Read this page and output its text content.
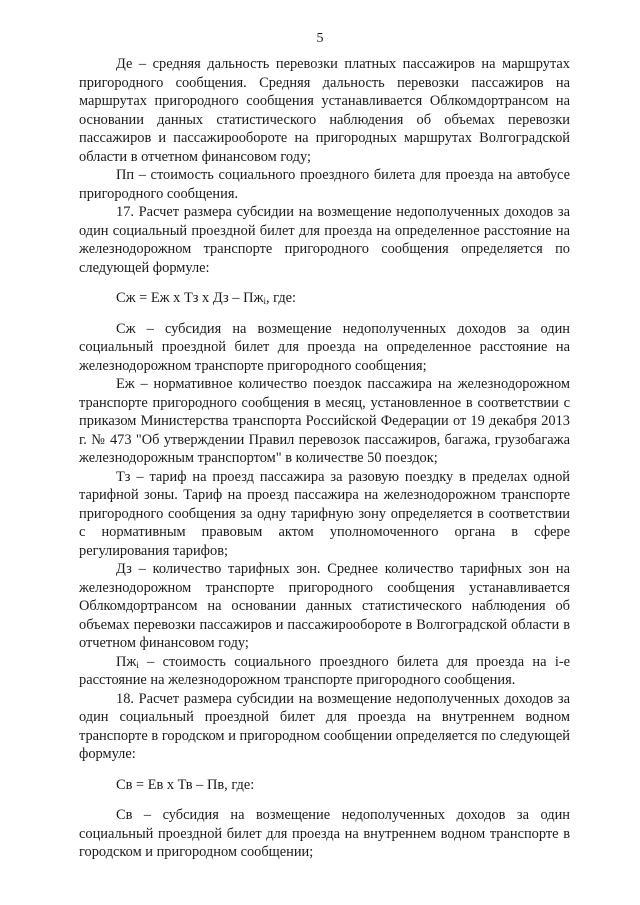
5

Де – средняя дальность перевозки платных пассажиров на маршрутах пригородного сообщения. Средняя дальность перевозки пассажиров на маршрутах пригородного сообщения устанавливается Облкомдортрансом на основании данных статистического наблюдения об объемах перевозки пассажиров и пассажирообороте на пригородных маршрутах Волгоградской области в отчетном финансовом году;

Пп – стоимость социального проездного билета для проезда на автобусе пригородного сообщения.

17. Расчет размера субсидии на возмещение недополученных доходов за один социальный проездной билет для проезда на определенное расстояние на железнодорожном транспорте пригородного сообщения определяется по следующей формуле:

Сж = Еж x Тз x Дз – $Пж_i$, где:

Сж – субсидия на возмещение недополученных доходов за один социальный проездной билет для проезда на определенное расстояние на железнодорожном транспорте пригородного сообщения;

Еж – нормативное количество поездок пассажира на железнодорожном транспорте пригородного сообщения в месяц, установленное в соответствии с приказом Министерства транспорта Российской Федерации от 19 декабря 2013 г. № 473 "Об утверждении Правил перевозок пассажиров, багажа, грузобагажа железнодорожным транспортом" в количестве 50 поездок;

Тз – тариф на проезд пассажира за разовую поездку в пределах одной тарифной зоны. Тариф на проезд пассажира на железнодорожном транспорте пригородного сообщения за одну тарифную зону определяется в соответствии с нормативным правовым актом уполномоченного органа в сфере регулирования тарифов;

Дз – количество тарифных зон. Среднее количество тарифных зон на железнодорожном транспорте пригородного сообщения устанавливается Облкомдортрансом на основании данных статистического наблюдения об объемах перевозки пассажиров и пассажирообороте в Волгоградской области в отчетном финансовом году;

$Пж_i$ – стоимость социального проездного билета для проезда на i-е расстояние на железнодорожном транспорте пригородного сообщения.

18. Расчет размера субсидии на возмещение недополученных доходов за один социальный проездной билет для проезда на внутреннем водном транспорте в городском и пригородном сообщении определяется по следующей формуле:

Св = Ев x Тв – Пв, где:

Св – субсидия на возмещение недополученных доходов за один социальный проездной билет для проезда на внутреннем водном транспорте в городском и пригородном сообщении;
